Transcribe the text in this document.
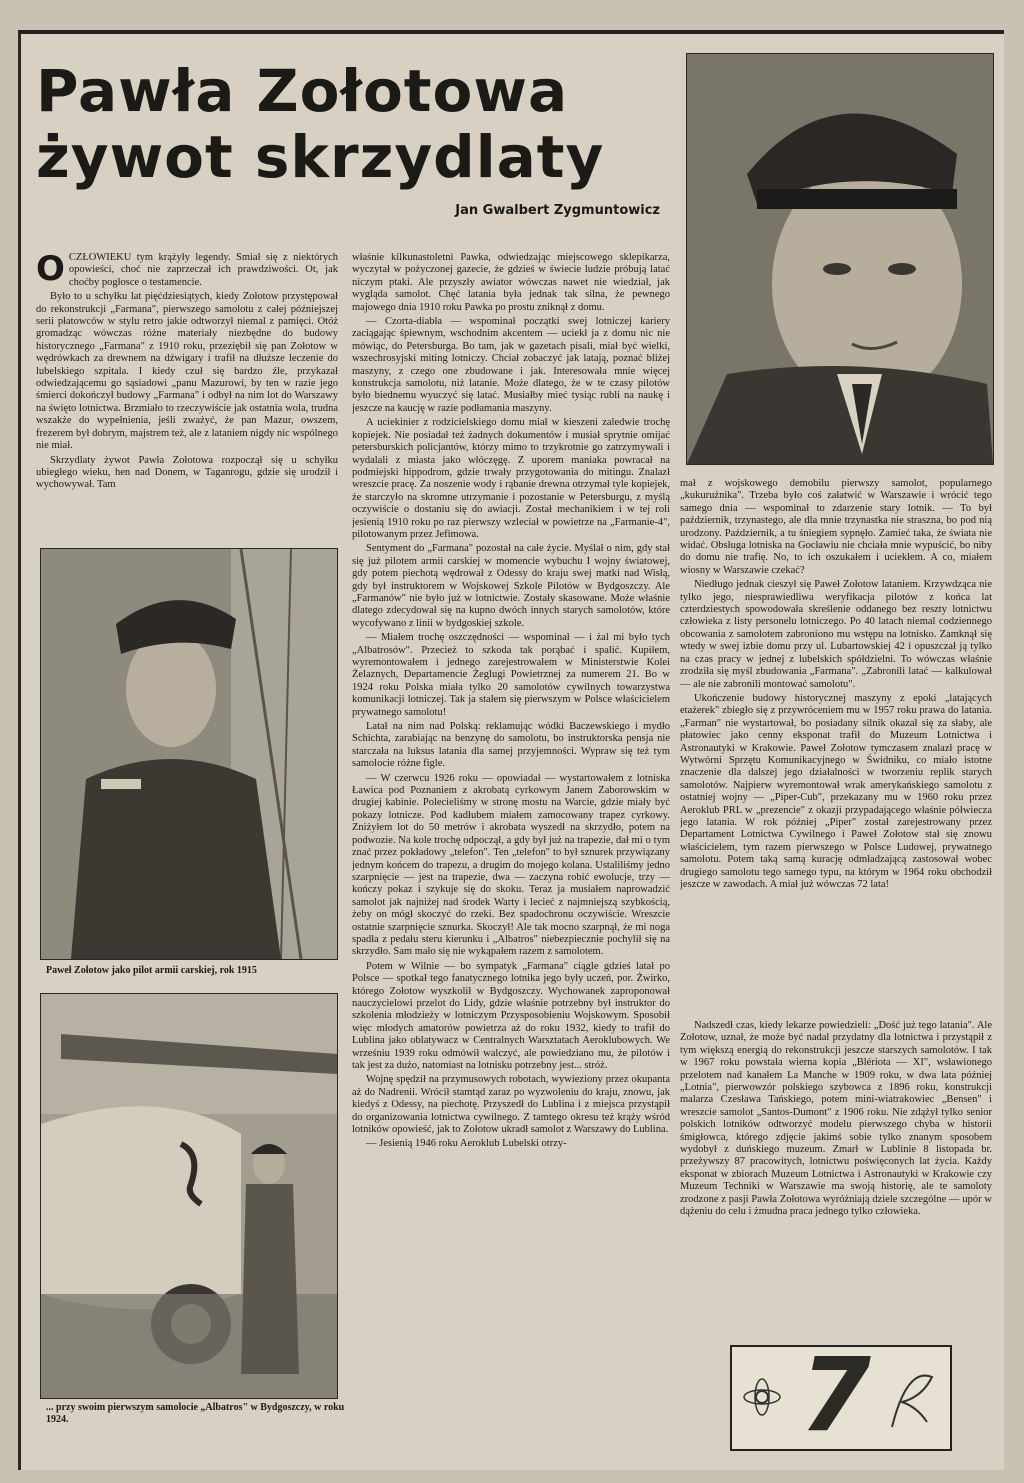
Pawła Zołotowa
żywot skrzydlaty
Jan Gwalbert Zygmuntowicz

OCZŁOWIEKU tym krążyły legendy. Śmiał się z niektórych opowieści, choć nie zaprzeczał ich prawdziwości. Ot, jak choćby pogłosce o testamencie.

Było to u schyłku lat pięćdziesiątych, kiedy Zołotow przystępował do rekonstrukcji „Farmana", pierwszego samolotu z całej późniejszej serii płatowców w stylu retro jakie odtworzył niemal z pamięci. Otóż gromadząc wówczas różne materiały niezbędne do budowy historycznego „Farmana" z 1910 roku, przeziębił się pan Zołotow w wędrówkach za drewnem na dźwigary i trafił na dłuższe leczenie do lubelskiego szpitala. I kiedy czuł się bardzo źle, przykazał odwiedzającemu go sąsiadowi „panu Mazurowi, by ten w razie jego śmierci dokończył budowy „Farmana" i odbył na nim lot do Warszawy na święto lotnictwa. Brzmiało to rzeczywiście jak ostatnia wola, trudna wszakże do wypełnienia, jeśli zważyć, że pan Mazur, owszem, frezerem był dobrym, majstrem też, ale z lataniem nigdy nic wspólnego nie miał.

Skrzydlaty żywot Pawła Zołotowa rozpoczął się u schyłku ubiegłego wieku, hen nad Donem, w Taganrogu, gdzie się urodził i wychowywał. Tam

Paweł Zołotow jako pilot armii carskiej, rok 1915
... przy swoim pierwszym samolocie „Albatros" w Bydgoszczy, w roku 1924.

właśnie kilkunastoletni Pawka, odwiedzając miejscowego sklepikarza, wyczytał w pożyczonej gazecie, że gdzieś w świecie ludzie próbują latać niczym ptaki. Ale przyszły awiator wówczas nawet nie wiedział, jak wygląda samolot. Chęć latania była jednak tak silna, że pewnego majowego dnia 1910 roku Pawka po prostu zniknął z domu.

— Czorta-diabła — wspominał początki swej lotniczej kariery zaciągając śpiewnym, wschodnim akcentem — uciekł ja z domu nic nie mówiąc, do Petersburga. Bo tam, jak w gazetach pisali, miał być wielki, wszechrosyjski miting lotniczy. Chciał zobaczyć jak latają, poznać bliżej maszyny, z czego one zbudowane i jak. Interesowała mnie więcej konstrukcja samolotu, niż latanie. Może dlatego, że w te czasy pilotów było biednemu wyuczyć się latać. Musiałby mieć tysiąc rubli na naukę i jeszcze na kaucję w razie podłamania maszyny.

A uciekinier z rodzicielskiego domu miał w kieszeni zaledwie trochę kopiejek. Nie posiadał też żadnych dokumentów i musiał sprytnie omijać petersburskich policjantów, którzy mimo to trzykrotnie go zatrzymywali i wydalali z miasta jako włóczęgę. Z uporem maniaka powracał na podmiejski hippodrom, gdzie trwały przygotowania do mitingu. Znalazł wreszcie pracę. Za noszenie wody i rąbanie drewna otrzymał tyle kopiejek, że starczyło na skromne utrzymanie i pozostanie w Petersburgu, z myślą oczywiście o dostaniu się do awiacji. Został mechanikiem i w tej roli jesienią 1910 roku po raz pierwszy wzleciał w powietrze na „Farmanie-4", pilotowanym przez Jefimowa.

Sentyment do „Farmana" pozostał na całe życie. Myślał o nim, gdy stał się już pilotem armii carskiej w momencie wybuchu I wojny światowej, gdy potem piechotą wędrował z Odessy do kraju swej matki nad Wisłą, gdy był instruktorem w Wojskowej Szkole Pilotów w Bydgoszczy. Ale „Farmanów" nie było już w lotnictwie. Zostały skasowane. Może właśnie dlatego zdecydował się na kupno dwóch innych starych samolotów, które wycofywano z linii w bydgoskiej szkole.

— Miałem trochę oszczędności — wspominał — i żal mi było tych „Albatrosów". Przecież to szkoda tak porąbać i spalić. Kupiłem, wyremontowałem i jednego zarejestrowałem w Ministerstwie Kolei Żelaznych, Departamencie Żeglugi Powietrznej za numerem 21. Bo w 1924 roku Polska miała tylko 20 samolotów cywilnych towarzystwa komunikacji lotniczej. Tak ja stałem się pierwszym w Polsce właścicielem prywatnego samolotu!

Latał na nim nad Polską: reklamując wódki Baczewskiego i mydło Schichta, zarabiając na benzynę do samolotu, bo instruktorska pensja nie starczała na luksus latania dla samej przyjemności. Wypraw się też tym samolocie różne figle.

— W czerwcu 1926 roku — opowiadał — wystartowałem z lotniska Ławica pod Poznaniem z akrobatą cyrkowym Janem Zaborowskim w drugiej kabinie. Polecieliśmy w stronę mostu na Warcie, gdzie miały być pokazy lotnicze. Pod kadłubem miałem zamocowany trapez cyrkowy. Zniżyłem lot do 50 metrów i akrobata wyszedł na skrzydło, potem na podwozie. Na kole trochę odpoczął, a gdy był już na trapezie, dał mi o tym znać przez pokładowy „telefon". Ten „telefon" to był sznurek przywiązany jednym końcem do trapezu, a drugim do mojego kolana. Ustaliliśmy jedno szarpnięcie — jest na trapezie, dwa — zaczyna robić ewolucje, trzy — kończy pokaz i szykuje się do skoku. Teraz ja musiałem naprowadzić samolot jak najniżej nad środek Warty i lecieć z najmniejszą szybkością, żeby on mógł skoczyć do rzeki. Bez spadochronu oczywiście. Wreszcie ostatnie szarpnięcie sznurka. Skoczył! Ale tak mocno szarpnął, że mi noga spadła z pedału steru kierunku i „Albatros" niebezpiecznie pochylił się na skrzydło. Sam mało się nie wykąpałem razem z samolotem.

Potem w Wilnie — bo sympatyk „Farmana" ciągle gdzieś latał po Polsce — spotkał tego fanatycznego lotnika jego były uczeń, por. Żwirko, którego Zołotow wyszkolił w Bydgoszczy. Wychowanek zaproponował nauczycielowi przelot do Lidy, gdzie właśnie potrzebny był instruktor do szkolenia młodzieży w lotniczym Przysposobieniu Wojskowym. Sposobił więc młodych amatorów powietrza aż do roku 1932, kiedy to trafił do Lublina jako oblatywacz w Centralnych Warsztatach Aeroklubowych. We wrześniu 1939 roku odmówił walczyć, ale powiedziano mu, że pilotów i tak jest za dużo, natomiast na lotnisku potrzebny jest... stróż.

Wojnę spędził na przymusowych robotach, wywieziony przez okupanta aż do Nadrenii. Wrócił stamtąd zaraz po wyzwoleniu do kraju, znowu, jak kiedyś z Odessy, na piechotę. Przyszedł do Lublina i z miejsca przystąpił do organizowania lotnictwa cywilnego. Z tamtego okresu też krąży wśród lotników opowieść, jak to Zołotow ukradł samolot z Warszawy do Lublina.

— Jesienią 1946 roku Aeroklub Lubelski otrzy-

mał z wojskowego demobilu pierwszy samolot, popularnego „kukurużnika". Trzeba było coś załatwić w Warszawie i wrócić tego samego dnia — wspominał to zdarzenie stary lotnik. — To był październik, trzynastego, ale dla mnie trzynastka nie straszna, bo pod nią urodzony. Październik, a tu śniegiem sypnęło. Zamieć taka, że świata nie widać. Obsługa lotniska na Gocławiu nie chciała mnie wypuścić, bo niby do domu nie trafię. No, to ich oszukałem i uciekłem. A co, miałem wiosny w Warszawie czekać?

Niedługo jednak cieszył się Paweł Zołotow lataniem. Krzywdząca nie tylko jego, niesprawiedliwa weryfikacja pilotów z końca lat czterdziestych spowodowała skreślenie oddanego bez reszty lotnictwu człowieka z listy personelu lotniczego. Po 40 latach niemal codziennego obcowania z samolotem zabroniono mu wstępu na lotnisko. Zamknął się wtedy w swej izbie domu przy ul. Lubartowskiej 42 i opuszczał ją tylko na czas pracy w jednej z lubelskich spółdzielni. To wówczas właśnie zrodziła się myśl zbudowania „Farmana". „Zabronili latać — kalkulował — ale nie zabronili montować samolotu".

Ukończenie budowy historycznej maszyny z epoki „latających etażerek" zbiegło się z przywróceniem mu w 1957 roku prawa do latania. „Farman" nie wystartował, bo posiadany silnik okazał się za słaby, ale płatowiec jako cenny eksponat trafił do Muzeum Lotnictwa i Astronautyki w Krakowie. Paweł Zołotow tymczasem znalazł pracę w Wytwórni Sprzętu Komunikacyjnego w Świdniku, co miało istotne znaczenie dla dalszej jego działalności w tworzeniu replik starych samolotów. Najpierw wyremontował wrak amerykańskiego samolotu z ostatniej wojny — „Piper-Cub", przekazany mu w 1960 roku przez Aeroklub PRL w „prezencie" z okazji przypadającego właśnie półwiecza jego latania. W rok później „Piper" został zarejestrowany przez Departament Lotnictwa Cywilnego i Paweł Zołotow stał się znowu właścicielem, tym razem pierwszego w Polsce Ludowej, prywatnego samolotu. Potem taką samą kurację odmładzającą zastosował wobec drugiego samolotu tego samego typu, na którym w 1964 roku obchodził jeszcze w zawodach. A miał już wówczas 72 lata!

Nadszedł czas, kiedy lekarze powiedzieli: „Dość już tego latania". Ale Zołotow, uznał, że może być nadal przydatny dla lotnictwa i przystąpił z tym większą energią do rekonstrukcji jeszcze starszych samolotów. I tak w 1967 roku powstała wierna kopia „Blériota — XI", wsławionego przelotem nad kanałem La Manche w 1909 roku, w dwa lata później „Lotnia", pierwowzór polskiego szybowca z 1896 roku, konstrukcji malarza Czesława Tańskiego, potem mini-wiatrakowiec „Bensen" i wreszcie samolot „Santos-Dumont" z 1906 roku. Nie zdążył tylko senior polskich lotników odtworzyć modelu pierwszego chyba w historii śmigłowca, którego zdjęcie jakimś sobie tylko znanym sposobem wydobył z duńskiego muzeum. Zmarł w Lublinie 8 listopada br. przeżywszy 87 pracowitych, lotnictwu poświęconych lat życia. Każdy eksponat w zbiorach Muzeum Lotnictwa i Astronautyki w Krakowie czy Muzeum Techniki w Warszawie ma swoją historię, ale te samoloty zrodzone z pasji Pawła Zołotowa wyróżniają dziele szczególne — upór w dążeniu do celu i żmudna praca jednego tylko człowieka.

7
